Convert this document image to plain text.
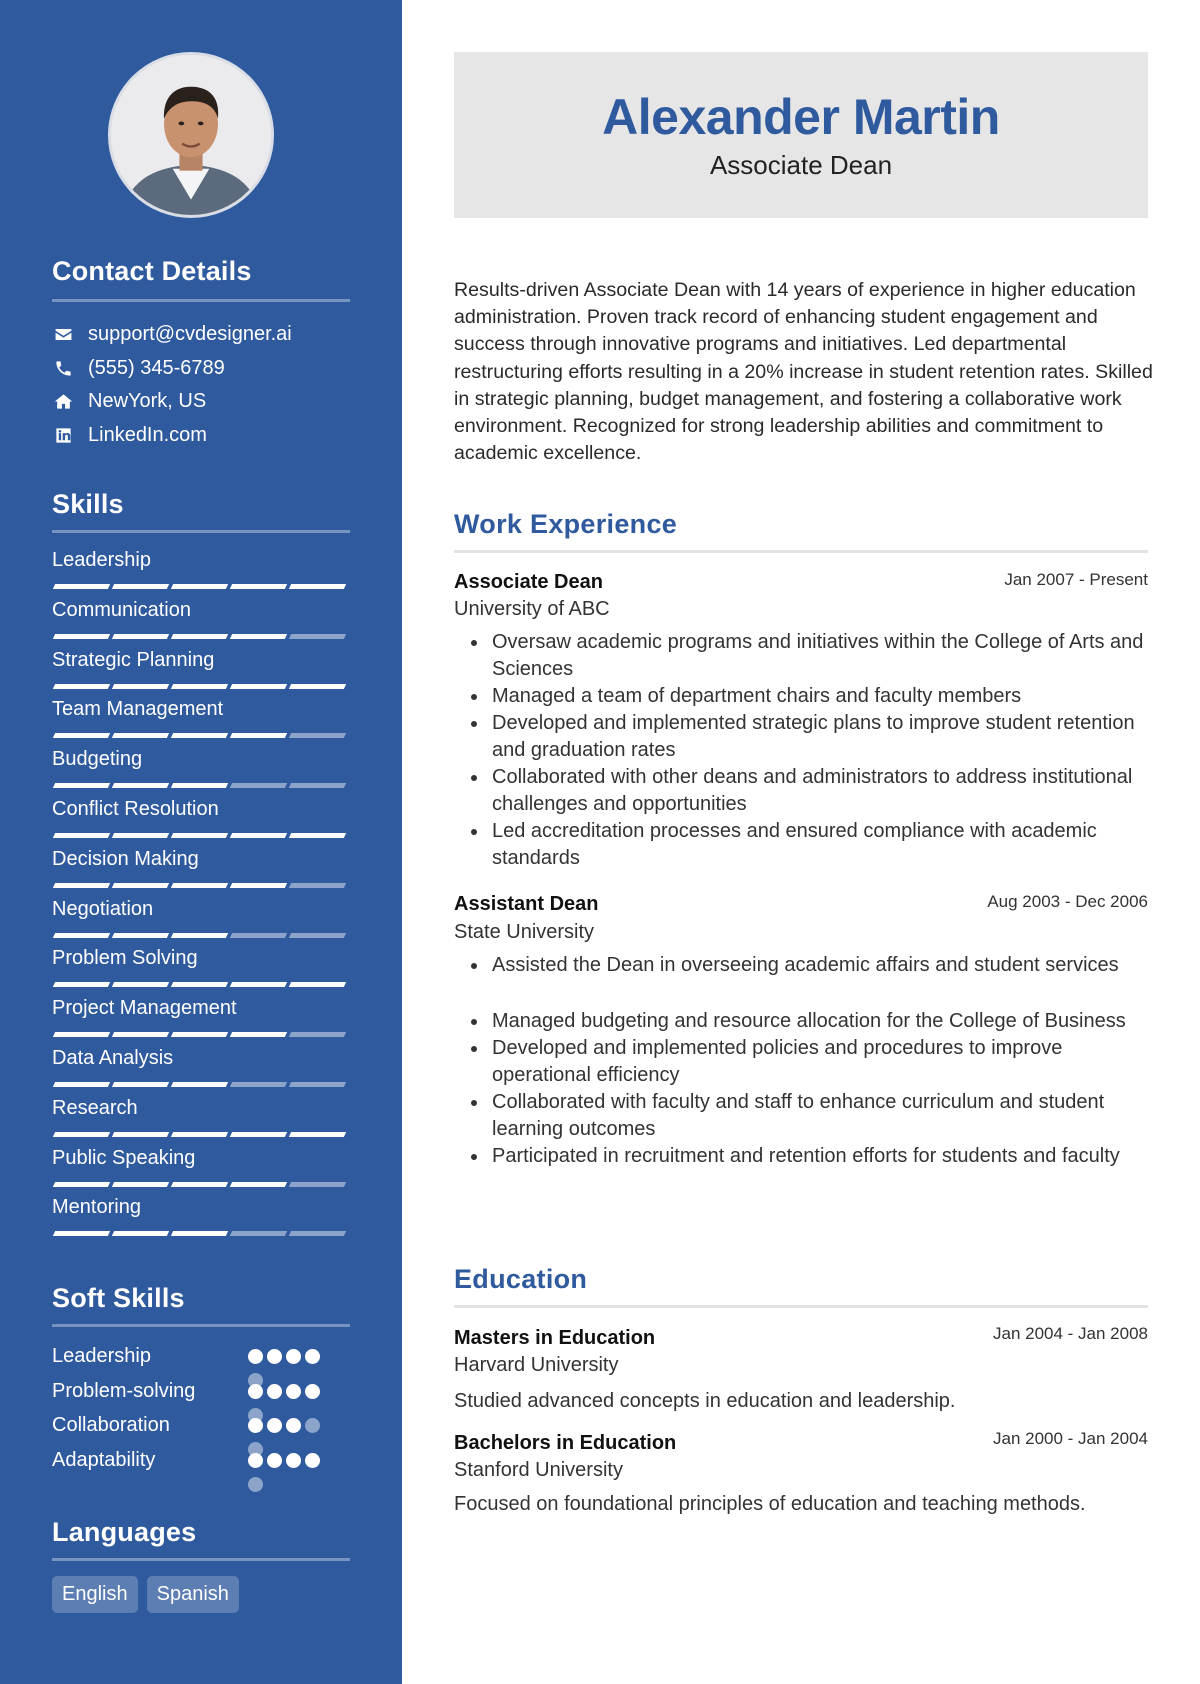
Contact Details
support@cvdesigner.ai
(555) 345-6789
NewYork, US
LinkedIn.com
Skills
Leadership
Communication
Strategic Planning
Team Management
Budgeting
Conflict Resolution
Decision Making
Negotiation
Problem Solving
Project Management
Data Analysis
Research
Public Speaking
Mentoring
Soft Skills
Leadership
Problem-solving
Collaboration
Adaptability
Languages
English	Spanish
Alexander Martin
Associate Dean
Results-driven Associate Dean with 14 years of experience in higher education administration. Proven track record of enhancing student engagement and success through innovative programs and initiatives. Led departmental restructuring efforts resulting in a 20% increase in student retention rates. Skilled in strategic planning, budget management, and fostering a collaborative work environment. Recognized for strong leadership abilities and commitment to academic excellence.
Work Experience
Associate Dean	Jan 2007 - Present
University of ABC
Oversaw academic programs and initiatives within the College of Arts and Sciences
Managed a team of department chairs and faculty members
Developed and implemented strategic plans to improve student retention and graduation rates
Collaborated with other deans and administrators to address institutional challenges and opportunities
Led accreditation processes and ensured compliance with academic standards
Assistant Dean	Aug 2003 - Dec 2006
State University
Assisted the Dean in overseeing academic affairs and student services
Managed budgeting and resource allocation for the College of Business
Developed and implemented policies and procedures to improve operational efficiency
Collaborated with faculty and staff to enhance curriculum and student learning outcomes
Participated in recruitment and retention efforts for students and faculty
Education
Masters in Education	Jan 2004 - Jan 2008
Harvard University
Studied advanced concepts in education and leadership.
Bachelors in Education	Jan 2000 - Jan 2004
Stanford University
Focused on foundational principles of education and teaching methods.
